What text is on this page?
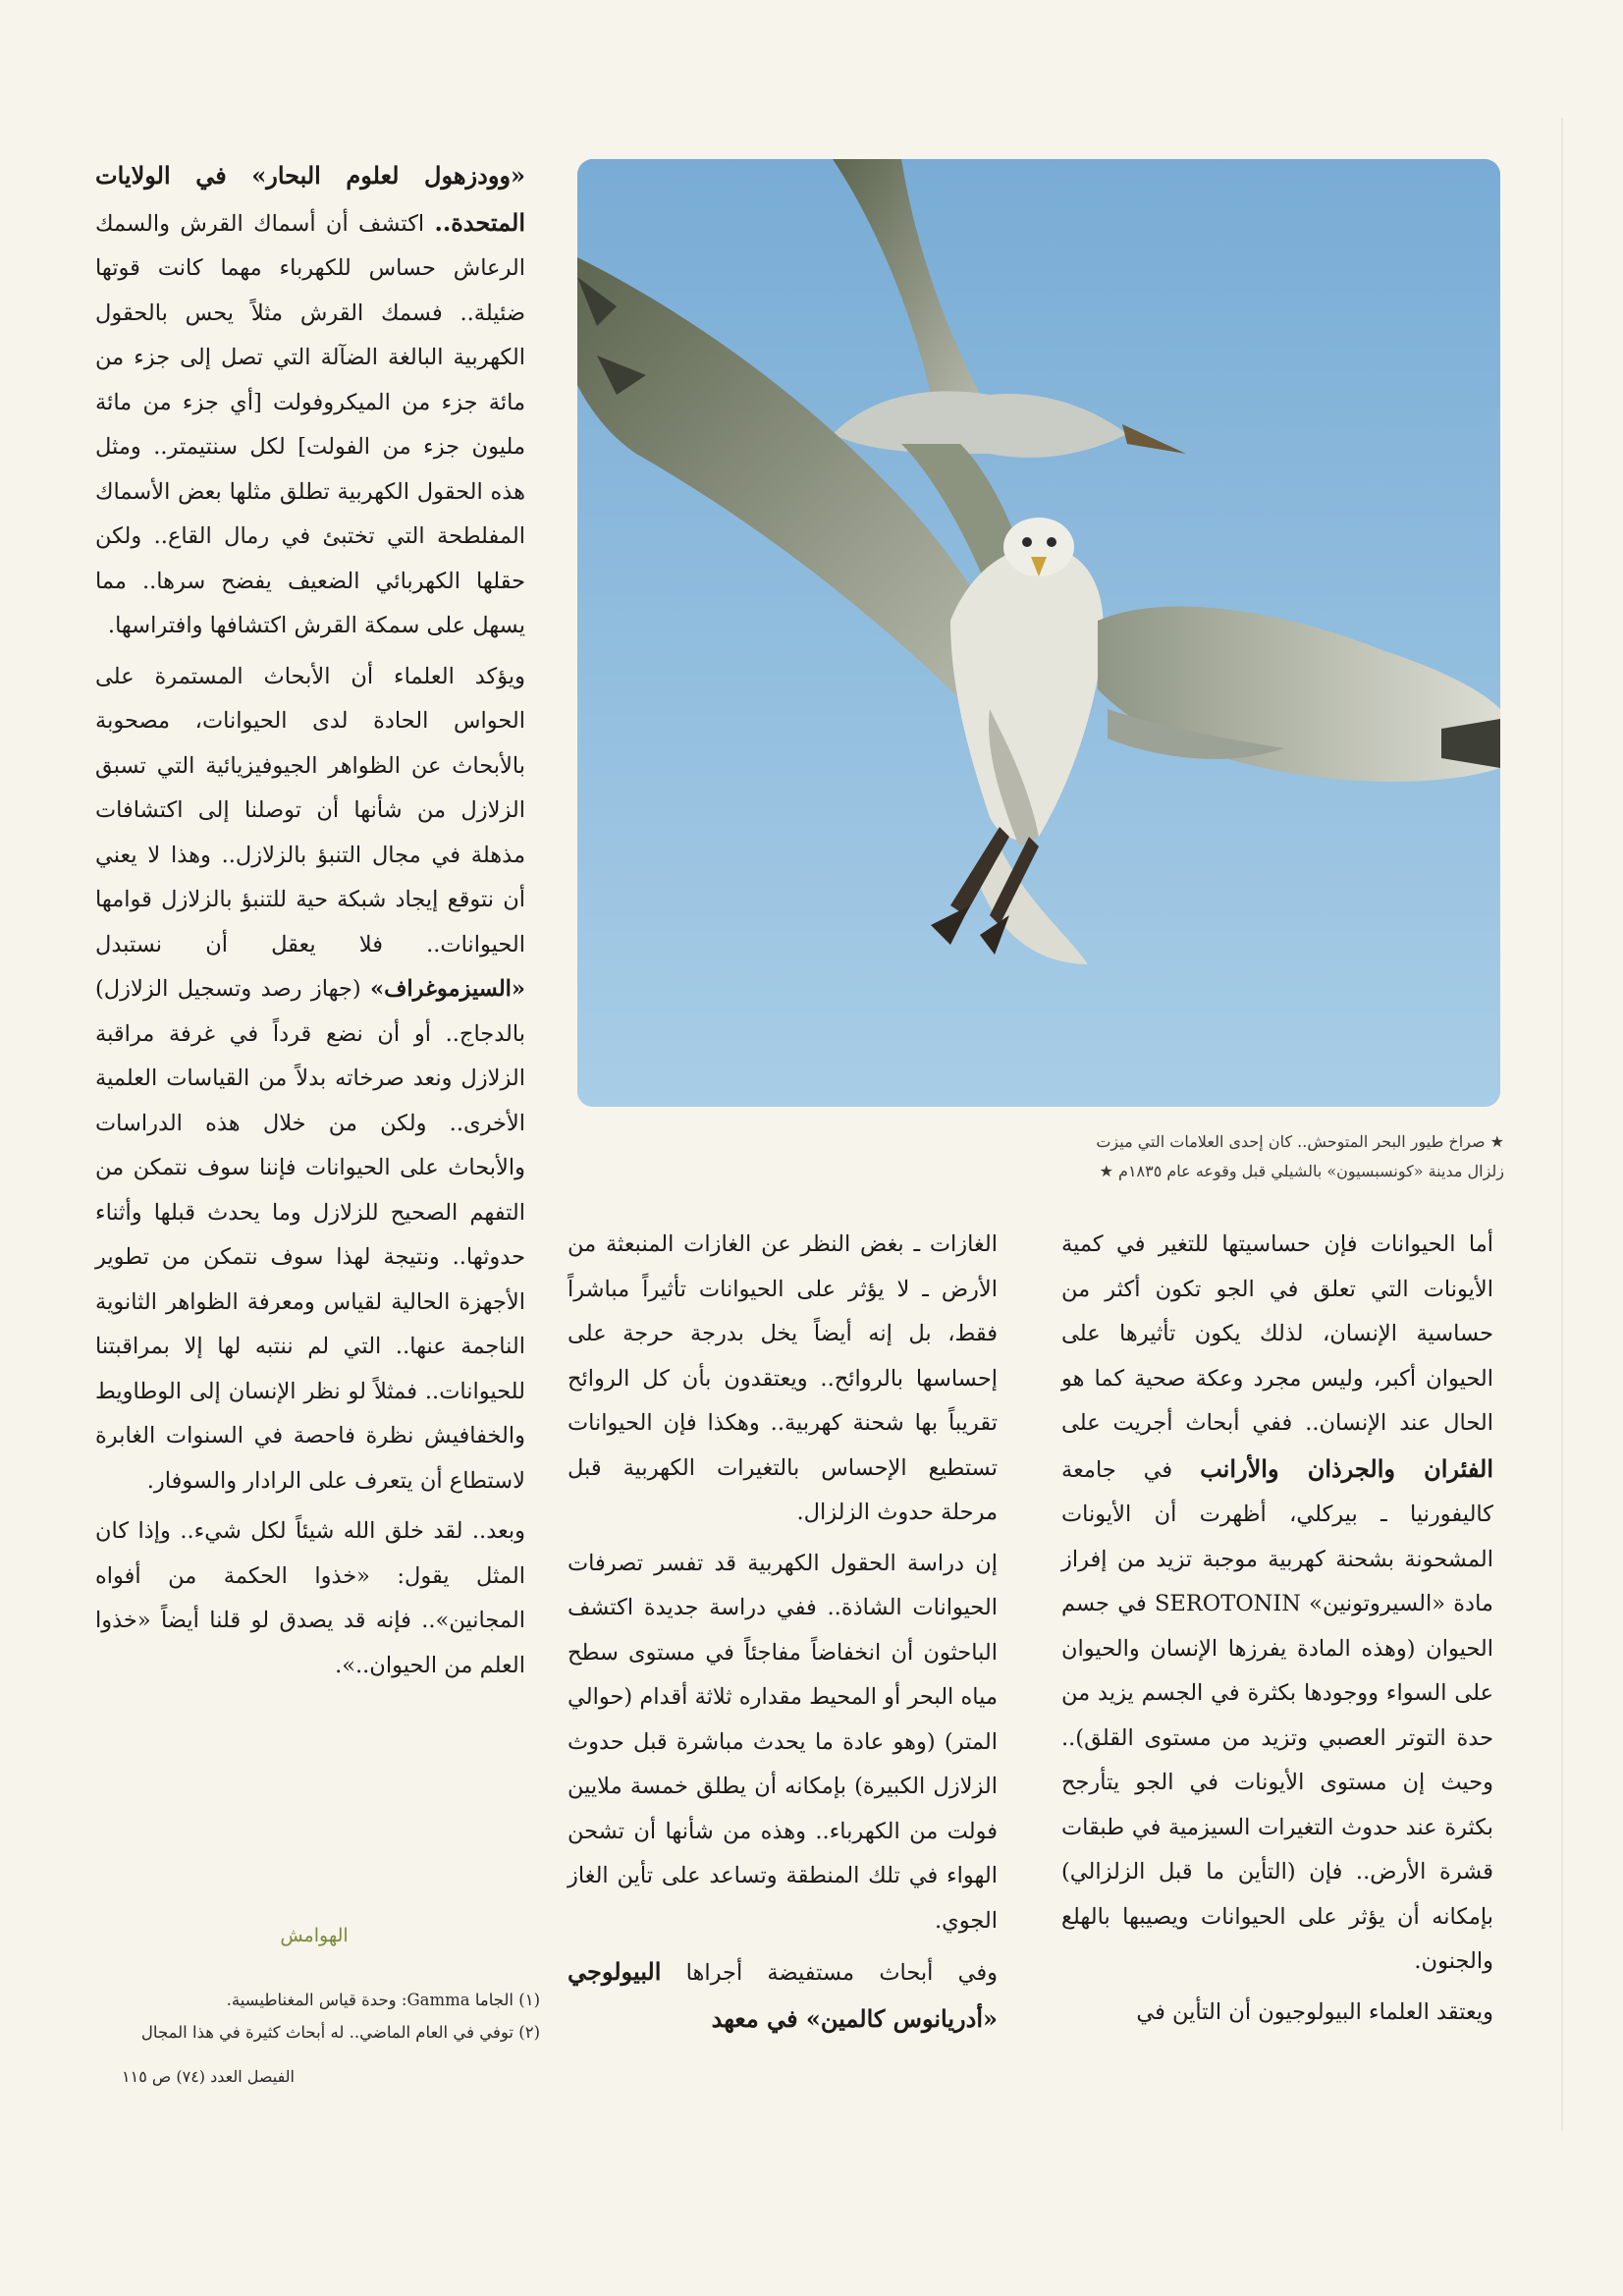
«وودزهول لعلوم البحار» في الولايات المتحدة.. اكتشف أن أسماك القرش والسمك الرعاش حساس للكهرباء مهما كانت قوتها ضئيلة.. فسمك القرش مثلاً يحس بالحقول الكهربية البالغة الضآلة التي تصل إلى جزء من مائة جزء من الميكروفولت [أي جزء من مائة مليون جزء من الفولت] لكل سنتيمتر.. ومثل هذه الحقول الكهربية تطلق مثلها بعض الأسماك المفلطحة التي تختبئ في رمال القاع.. ولكن حقلها الكهربائي الضعيف يفضح سرها.. مما يسهل على سمكة القرش اكتشافها وافتراسها.

ويؤكد العلماء أن الأبحاث المستمرة على الحواس الحادة لدى الحيوانات، مصحوبة بالأبحاث عن الظواهر الجيوفيزيائية التي تسبق الزلازل من شأنها أن توصلنا إلى اكتشافات مذهلة في مجال التنبؤ بالزلازل.. وهذا لا يعني أن نتوقع إيجاد شبكة حية للتنبؤ بالزلازل قوامها الحيوانات.. فلا يعقل أن نستبدل «السيزموغراف» (جهاز رصد وتسجيل الزلازل) بالدجاج.. أو أن نضع قرداً في غرفة مراقبة الزلازل ونعد صرخاته بدلاً من القياسات العلمية الأخرى.. ولكن من خلال هذه الدراسات والأبحاث على الحيوانات فإننا سوف نتمكن من التفهم الصحيح للزلازل وما يحدث قبلها وأثناء حدوثها.. ونتيجة لهذا سوف نتمكن من تطوير الأجهزة الحالية لقياس ومعرفة الظواهر الثانوية الناجمة عنها.. التي لم ننتبه لها إلا بمراقبتنا للحيوانات.. فمثلاً لو نظر الإنسان إلى الوطاويط والخفافيش نظرة فاحصة في السنوات الغابرة لاستطاع أن يتعرف على الرادار والسوفار.

وبعد.. لقد خلق الله شيئاً لكل شيء.. وإذا كان المثل يقول: «خذوا الحكمة من أفواه المجانين».. فإنه قد يصدق لو قلنا أيضاً «خذوا العلم من الحيوان..».

★ صراخ طيور البحر المتوحش.. كان إحدى العلامات التي ميزت

زلزال مدينة «كونسبسيون» بالشيلي قبل وقوعه عام ١٨٣٥م ★

الغازات ـ بغض النظر عن الغازات المنبعثة من الأرض ـ لا يؤثر على الحيوانات تأثيراً مباشراً فقط، بل إنه أيضاً يخل بدرجة حرجة على إحساسها بالروائح.. ويعتقدون بأن كل الروائح تقريباً بها شحنة كهربية.. وهكذا فإن الحيوانات تستطيع الإحساس بالتغيرات الكهربية قبل مرحلة حدوث الزلزال.

إن دراسة الحقول الكهربية قد تفسر تصرفات الحيوانات الشاذة.. ففي دراسة جديدة اكتشف الباحثون أن انخفاضاً مفاجئاً في مستوى سطح مياه البحر أو المحيط مقداره ثلاثة أقدام (حوالي المتر) (وهو عادة ما يحدث مباشرة قبل حدوث الزلازل الكبيرة) بإمكانه أن يطلق خمسة ملايين فولت من الكهرباء.. وهذه من شأنها أن تشحن الهواء في تلك المنطقة وتساعد على تأين الغاز الجوي.

وفي أبحاث مستفيضة أجراها البيولوجي «أدريانوس كالمين» في معهد

أما الحيوانات فإن حساسيتها للتغير في كمية الأيونات التي تعلق في الجو تكون أكثر من حساسية الإنسان، لذلك يكون تأثيرها على الحيوان أكبر، وليس مجرد وعكة صحية كما هو الحال عند الإنسان.. ففي أبحاث أجريت على الفئران والجرذان والأرانب في جامعة كاليفورنيا ـ بيركلي، أظهرت أن الأيونات المشحونة بشحنة كهربية موجبة تزيد من إفراز مادة «السيروتونين» SEROTONIN في جسم الحيوان (وهذه المادة يفرزها الإنسان والحيوان على السواء ووجودها بكثرة في الجسم يزيد من حدة التوتر العصبي وتزيد من مستوى القلق).. وحيث إن مستوى الأيونات في الجو يتأرجح بكثرة عند حدوث التغيرات السيزمية في طبقات قشرة الأرض.. فإن (التأين ما قبل الزلزالي) بإمكانه أن يؤثر على الحيوانات ويصيبها بالهلع والجنون.

ويعتقد العلماء البيولوجيون أن التأين في

الهوامش

(١) الجاما Gamma: وحدة قياس المغناطيسية.

(٢) توفي في العام الماضي.. له أبحاث كثيرة في هذا المجال

الفيصل العدد (٧٤) ص ١١٥
